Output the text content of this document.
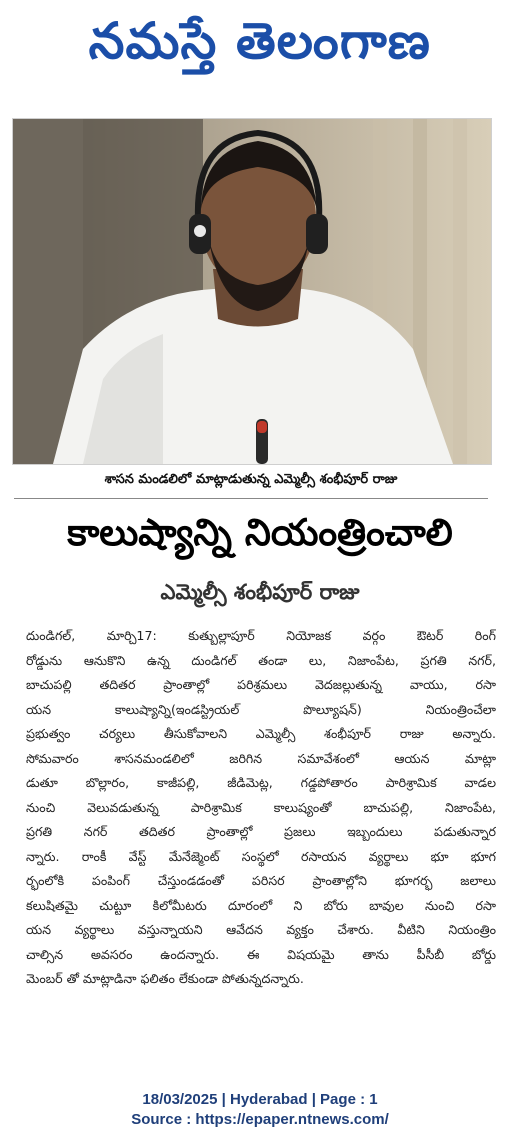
నమస్తే తెలంగాణ
శాసన మండలిలో మాట్లాడుతున్న ఎమ్మెల్సీ శంభీపూర్ రాజు
కాలుష్యాన్ని నియంత్రించాలి
ఎమ్మెల్సీ శంభీపూర్ రాజు
దుండిగల్, మార్చి17: కుత్బుల్లాపూర్ నియోజక వర్గం ఔటర్ రింగ్
రోడ్డును ఆనుకొని ఉన్న దుండిగల్ తండా లు, నిజాంపేట, ప్రగతి నగర్,
బాచుపల్లి తదితర ప్రాంతాల్లో పరిశ్రమలు వెదజల్లుతున్న వాయు, రసా
యన కాలుష్యాన్ని(ఇండస్ట్రియల్ పొల్యూషన్) నియంత్రించేలా
ప్రభుత్వం చర్యలు తీసుకోవాలని ఎమ్మెల్సీ శంభీపూర్ రాజు అన్నారు.
సోమవారం శాసనమండలిలో జరిగిన సమావేశంలో ఆయన మాట్లా
డుతూ బొల్లారం, కాజీపల్లి, జీడిమెట్ల, గడ్డపోతారం పారిశ్రామిక వాడల
నుంచి వెలువడుతున్న పారిశ్రామిక కాలుష్యంతో బాచుపల్లి, నిజాంపేట,
ప్రగతి నగర్ తదితర ప్రాంతాల్లో ప్రజలు ఇబ్బందులు పడుతున్నార
న్నారు. రాంకీ వేస్ట్ మేనేజ్మెంట్ సంస్థలో రసాయన వ్యర్థాలు భూ భూగ
ర్భంలోకి పంపింగ్ చేస్తుండడంతో పరిసర ప్రాంతాల్లోని భూగర్భ జలాలు
కలుషితమై చుట్టూ కిలోమీటరు దూరంలో ని బోరు బావుల నుంచి రసా
యన వ్యర్థాలు వస్తున్నాయని ఆవేదన వ్యక్తం చేశారు. వీటిని నియంత్రిం
చాల్సిన అవసరం ఉందన్నారు. ఈ విషయమై తాను పీసీబీ బోర్డు
మెంబర్ తో మాట్లాడినా ఫలితం లేకుండా పోతున్నదన్నారు.
18/03/2025 | Hyderabad | Page : 1
Source : https://epaper.ntnews.com/
